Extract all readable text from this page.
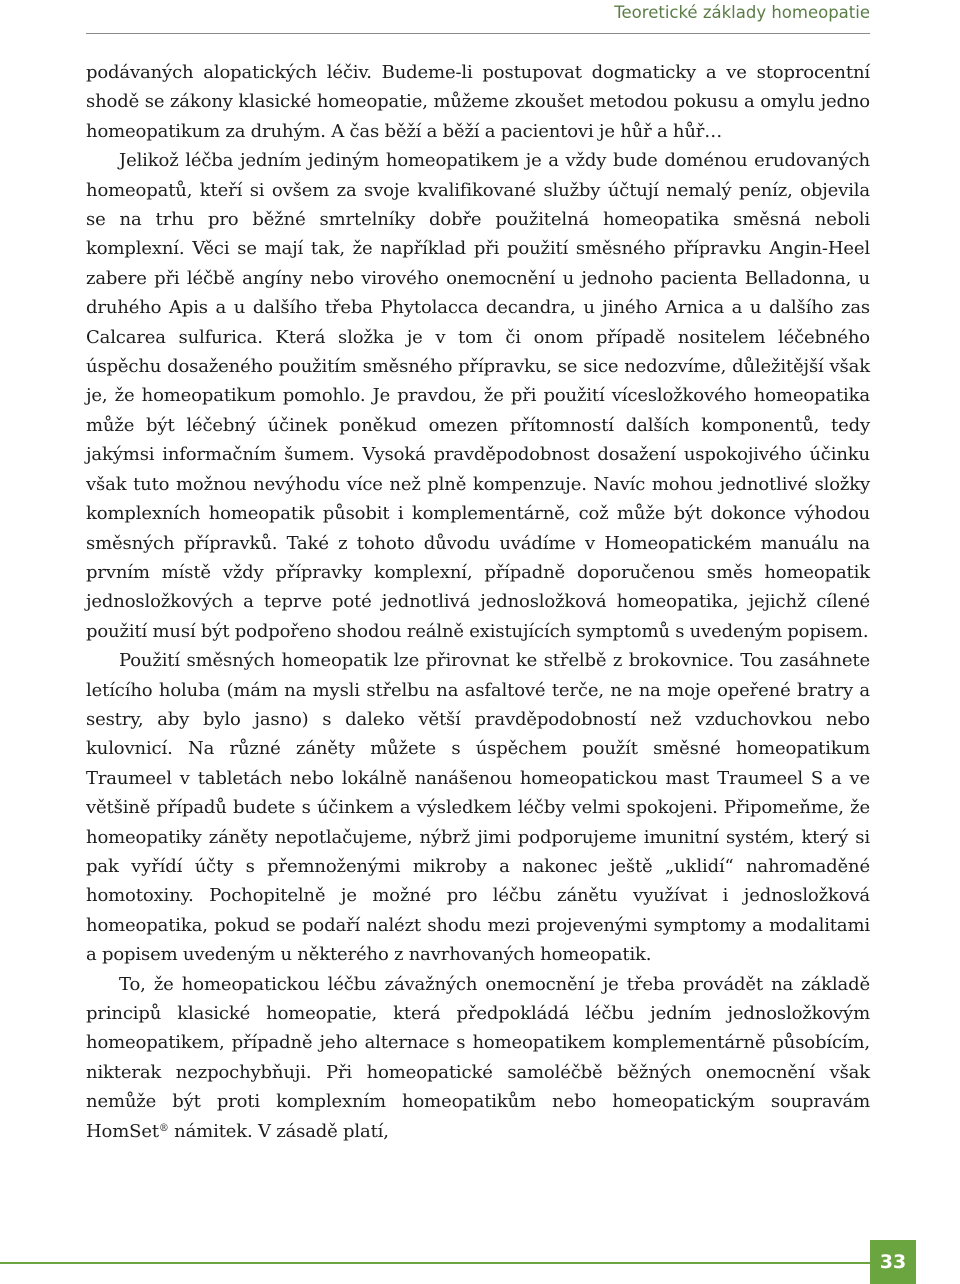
Teoretické základy homeopatie

podávaných alopatických léčiv. Budeme-li postupovat dogmaticky a ve stoprocentní shodě se zákony klasické homeopatie, můžeme zkoušet metodou pokusu a omylu jedno homeopatikum za druhým. A čas běží a běží a pacientovi je hůř a hůř…

Jelikož léčba jedním jediným homeopatikem je a vždy bude doménou erudovaných homeopatů, kteří si ovšem za svoje kvalifikované služby účtují nemalý peníz, objevila se na trhu pro běžné smrtelníky dobře použitelná homeopatika směsná neboli komplexní. Věci se mají tak, že například při použití směsného přípravku Angin-Heel zabere při léčbě angíny nebo virového onemocnění u jednoho pacienta Belladonna, u druhého Apis a u dalšího třeba Phytolacca decandra, u jiného Arnica a u dalšího zas Calcarea sulfurica. Která složka je v tom či onom případě nositelem léčebného úspěchu dosaženého použitím směsného přípravku, se sice nedozvíme, důležitější však je, že homeopatikum pomohlo. Je pravdou, že při použití vícesložkového homeopatika může být léčebný účinek poněkud omezen přítomností dalších komponentů, tedy jakýmsi informačním šumem. Vysoká pravděpodobnost dosažení uspokojivého účinku však tuto možnou nevýhodu více než plně kompenzuje. Navíc mohou jednotlivé složky komplexních homeopatik působit i komplementárně, což může být dokonce výhodou směsných přípravků. Také z tohoto důvodu uvádíme v Homeopatickém manuálu na prvním místě vždy přípravky komplexní, případně doporučenou směs homeopatik jednosložkových a teprve poté jednotlivá jednosložková homeopatika, jejichž cílené použití musí být podpořeno shodou reálně existujících symptomů s uvedeným popisem.

Použití směsných homeopatik lze přirovnat ke střelbě z brokovnice. Tou zasáhnete letícího holuba (mám na mysli střelbu na asfaltové terče, ne na moje opeřené bratry a sestry, aby bylo jasno) s daleko větší pravděpodobností než vzduchovkou nebo kulovnicí. Na různé záněty můžete s úspěchem použít směsné homeopatikum Traumeel v tabletách nebo lokálně nanášenou homeopatickou mast Traumeel S a ve většině případů budete s účinkem a výsledkem léčby velmi spokojeni. Připomeňme, že homeopatiky záněty nepotlačujeme, nýbrž jimi podporujeme imunitní systém, který si pak vyřídí účty s přemnoženými mikroby a nakonec ještě „uklidí“ nahromaděné homotoxiny. Pochopitelně je možné pro léčbu zánětu využívat i jednosložková homeopatika, pokud se podaří nalézt shodu mezi projevenými symptomy a modalitami a popisem uvedeným u některého z navrhovaných homeopatik.

To, že homeopatickou léčbu závažných onemocnění je třeba provádět na základě principů klasické homeopatie, která předpokládá léčbu jedním jednosložkovým homeopatikem, případně jeho alternace s homeopatikem komplementárně působícím, nikterak nezpochybňuji. Při homeopatické samoléčbě běžných onemocnění však nemůže být proti komplexním homeopatikům nebo homeopatickým soupravám HomSet® námitek. V zásadě platí,

33
